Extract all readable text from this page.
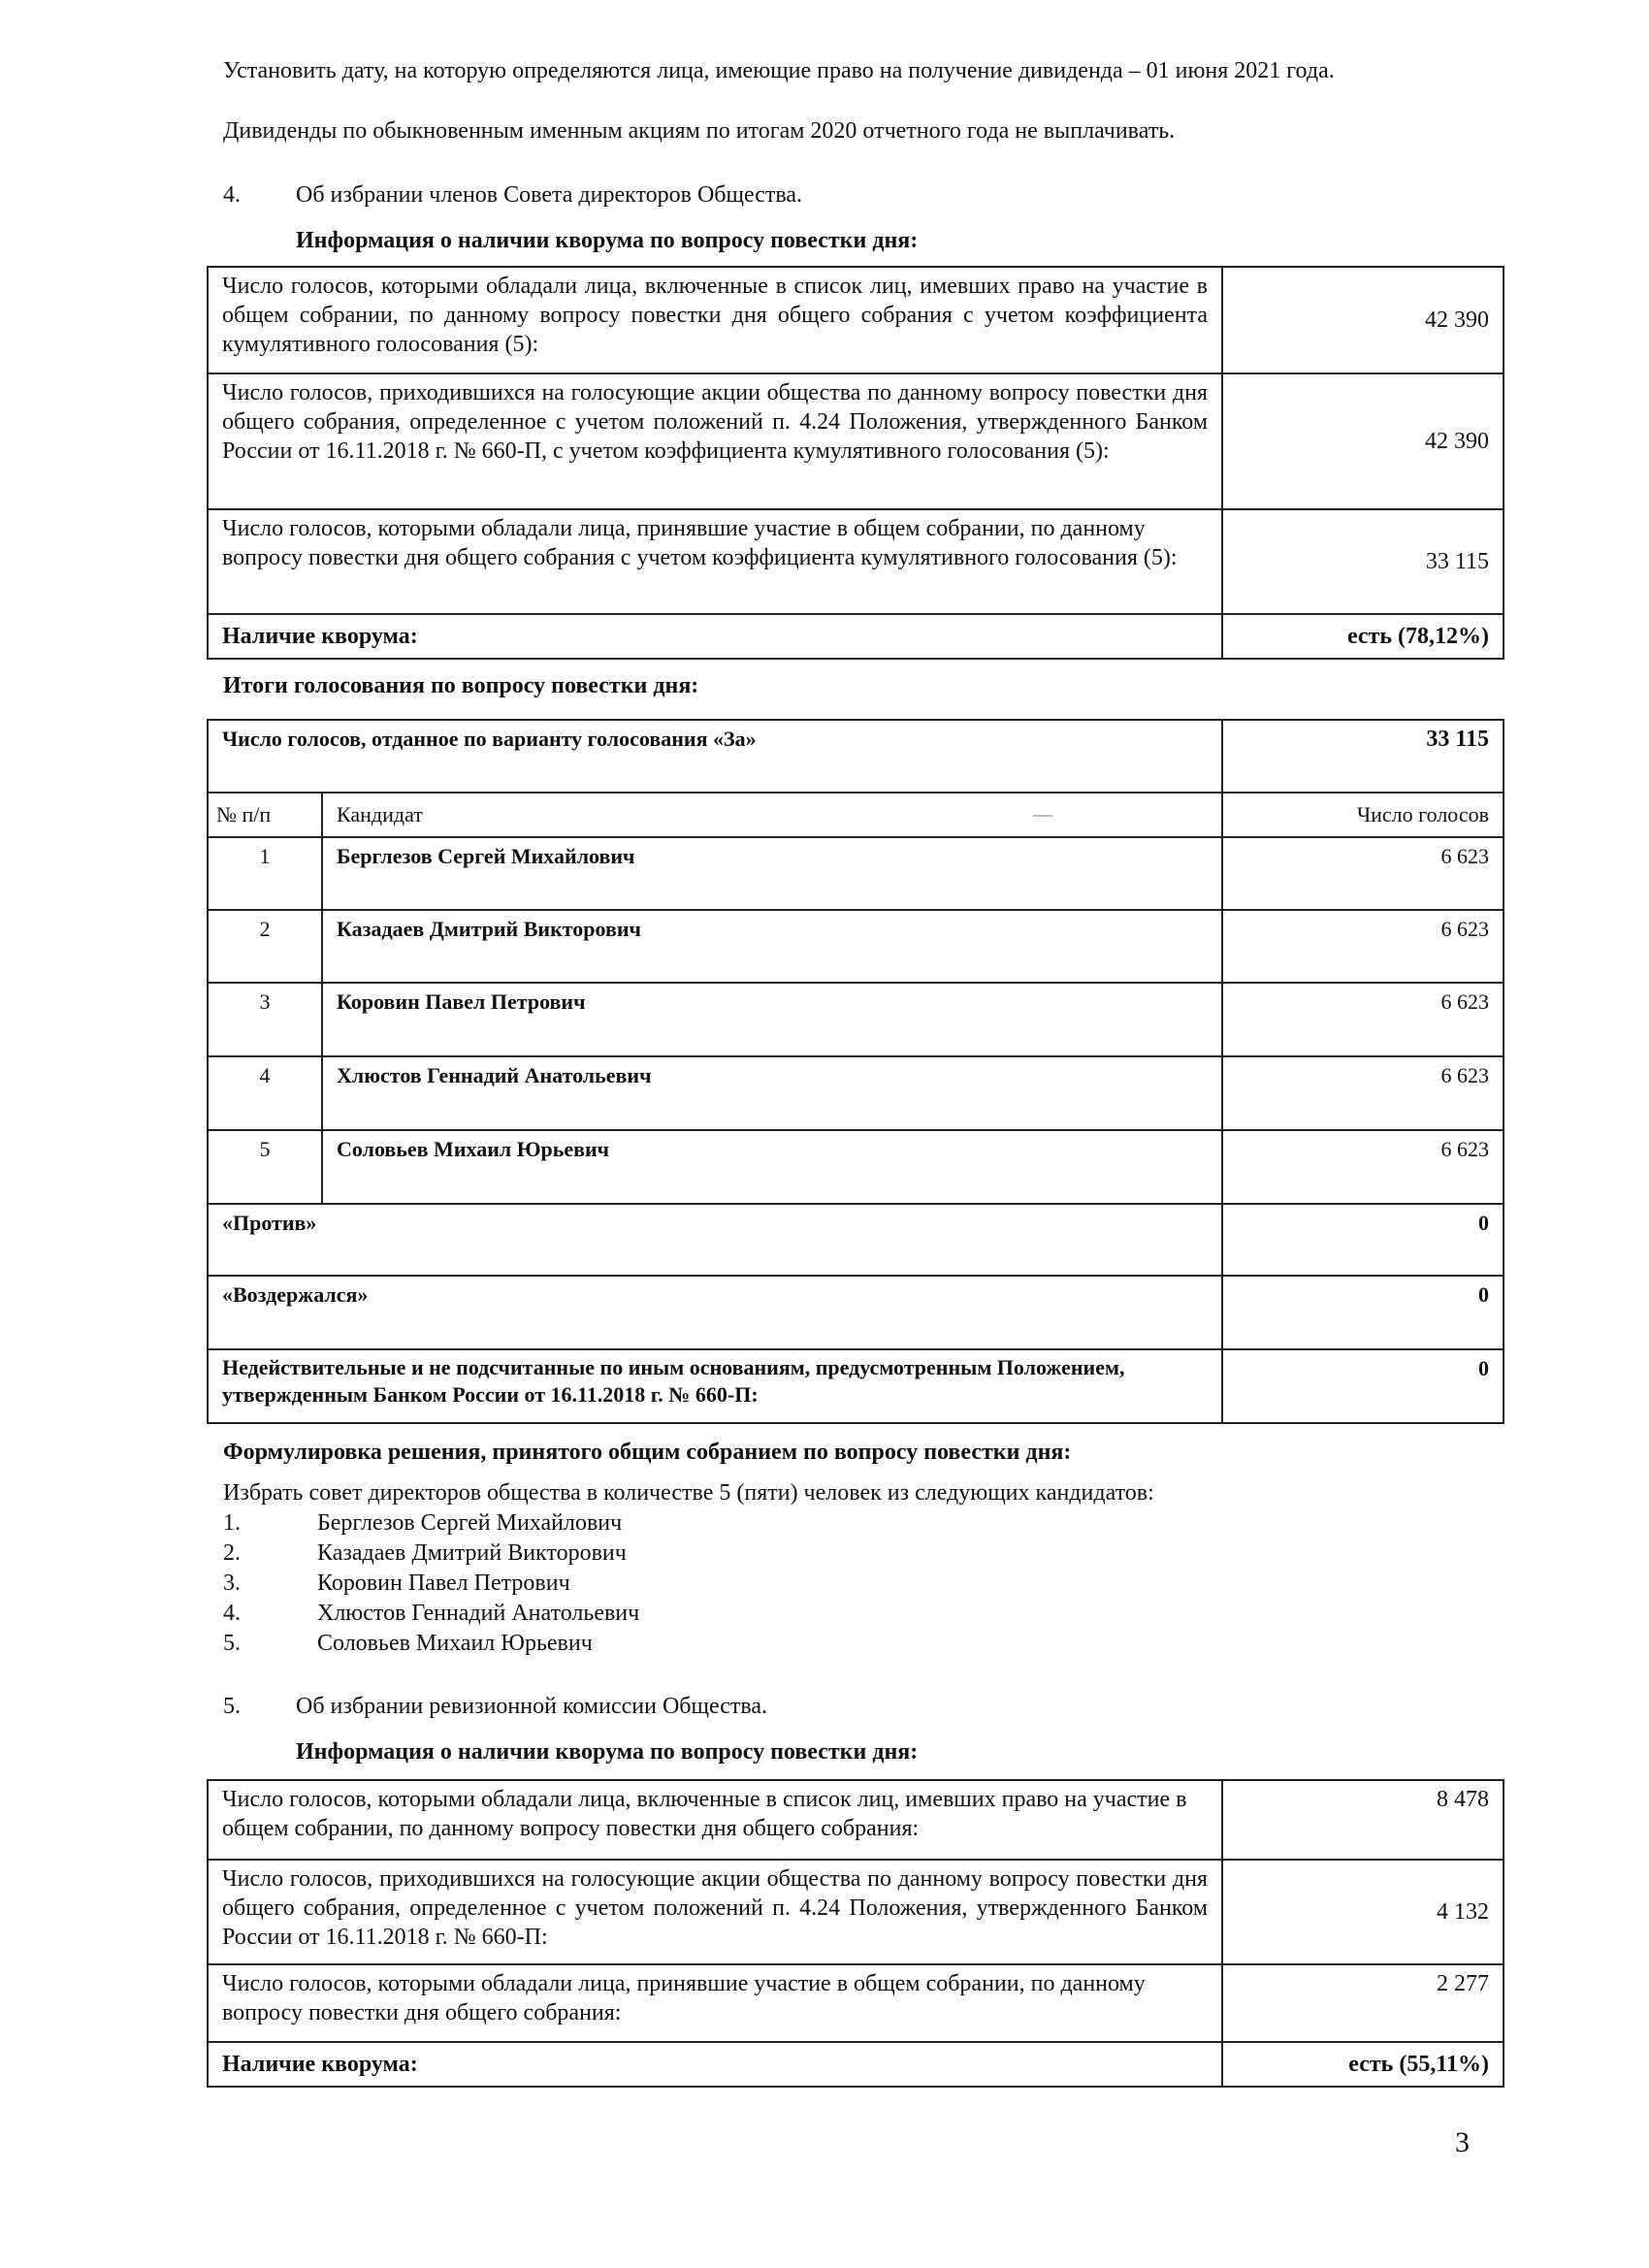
Установить дату, на которую определяются лица, имеющие право на получение дивиденда – 01 июня 2021 года.

Дивиденды по обыкновенным именным акциям по итогам 2020 отчетного года не выплачивать.

4. Об избрании членов Совета директоров Общества.
Информация о наличии кворума по вопросу повестки дня:
Число голосов, которыми обладали лица, включенные в список лиц, имевших право на участие в общем собрании, по данному вопросу повестки дня общего собрания с учетом коэффициента кумулятивного голосования (5):	42 390
Число голосов, приходившихся на голосующие акции общества по данному вопросу повестки дня общего собрания, определенное с учетом положений п. 4.24 Положения, утвержденного Банком России от 16.11.2018 г. № 660-П, с учетом коэффициента кумулятивного голосования (5):	42 390
Число голосов, которыми обладали лица, принявшие участие в общем собрании, по данному вопросу повестки дня общего собрания с учетом коэффициента кумулятивного голосования (5):	33 115
Наличие кворума:	есть (78,12%)
Итоги голосования по вопросу повестки дня:
Число голосов, отданное по варианту голосования «За»		33 115
№ п/п	Кандидат	Число голосов
1	Берглезов Сергей Михайлович	6 623
2	Казадаев Дмитрий Викторович	6 623
3	Коровин Павел Петрович	6 623
4	Хлюстов Геннадий Анатольевич	6 623
5	Соловьев Михаил Юрьевич	6 623
«Против»		0
«Воздержался»		0
Недействительные и не подсчитанные по иным основаниям, предусмотренным Положением, утвержденным Банком России от 16.11.2018 г. № 660-П:		0
Формулировка решения, принятого общим собранием по вопросу повестки дня:
Избрать совет директоров общества в количестве 5 (пяти) человек из следующих кандидатов:
1.	Берглезов Сергей Михайлович
2.	Казадаев Дмитрий Викторович
3.	Коровин Павел Петрович
4.	Хлюстов Геннадий Анатольевич
5.	Соловьев Михаил Юрьевич
5. Об избрании ревизионной комиссии Общества.
Информация о наличии кворума по вопросу повестки дня:
Число голосов, которыми обладали лица, включенные в список лиц, имевших право на участие в общем собрании, по данному вопросу повестки дня общего собрания:	8 478
Число голосов, приходившихся на голосующие акции общества по данному вопросу повестки дня общего собрания, определенное с учетом положений п. 4.24 Положения, утвержденного Банком России от 16.11.2018 г. № 660-П:	4 132
Число голосов, которыми обладали лица, принявшие участие в общем собрании, по данному вопросу повестки дня общего собрания:	2 277
Наличие кворума:	есть (55,11%)
3
